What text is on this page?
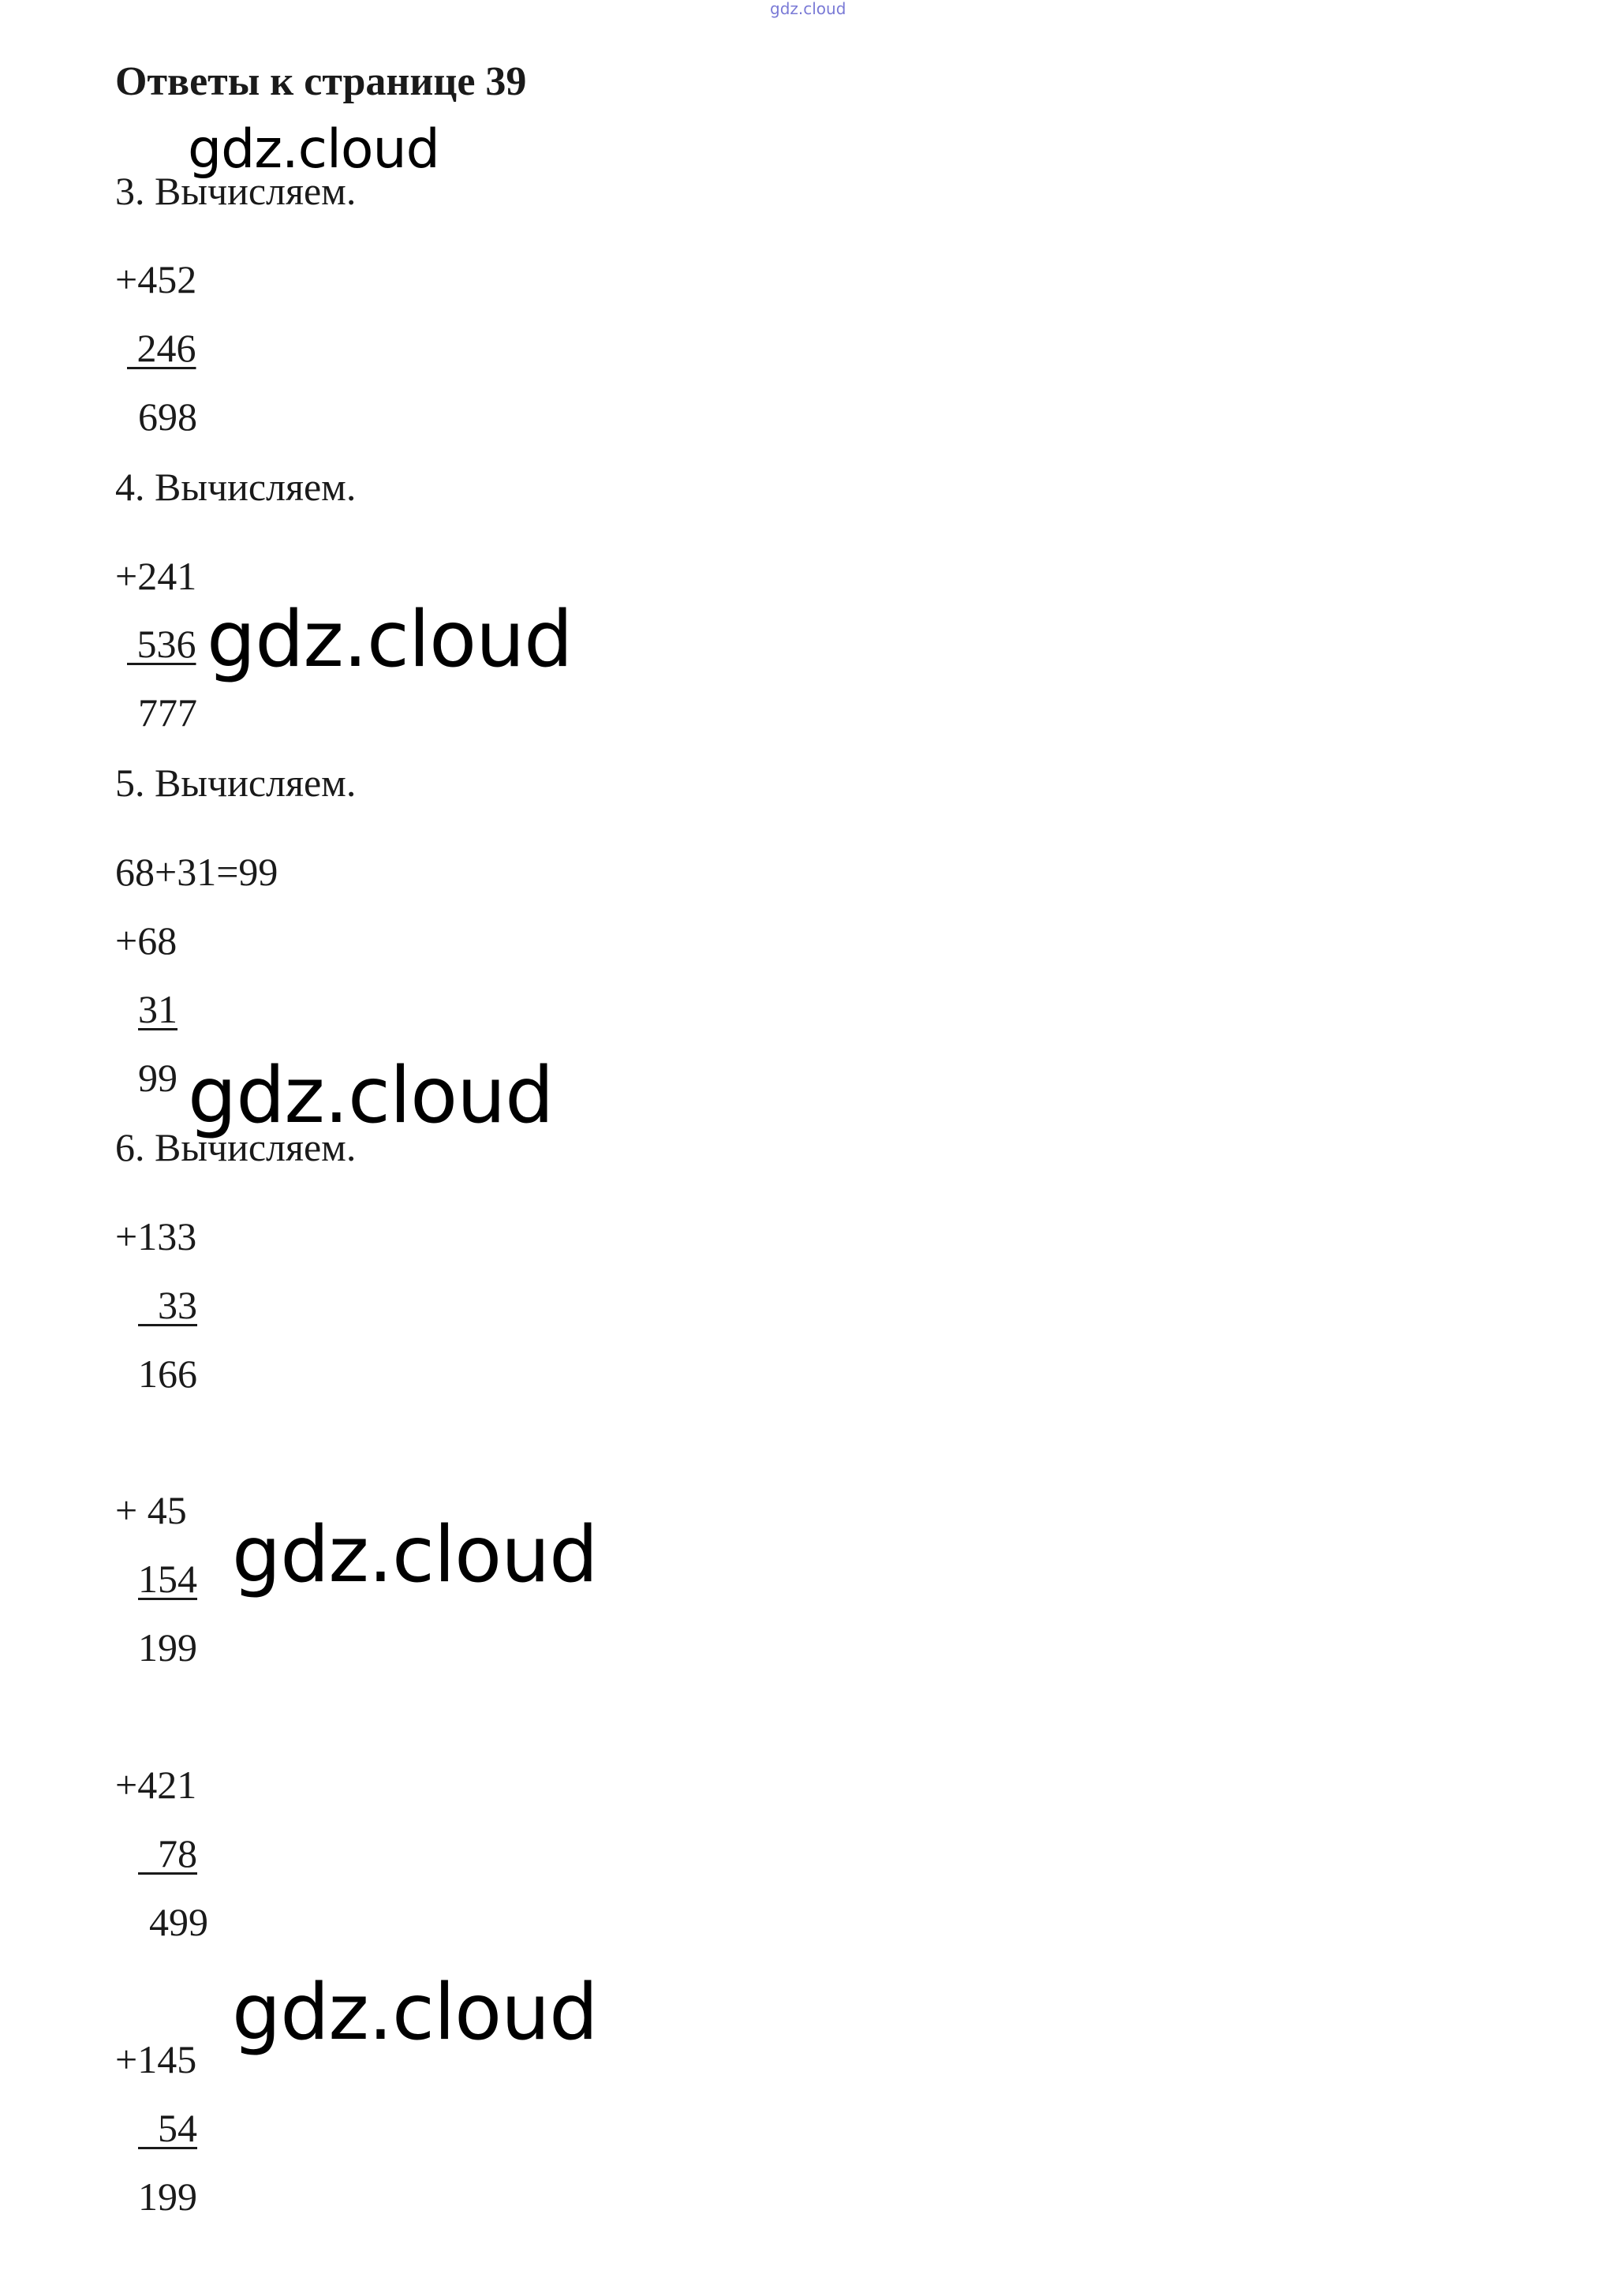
gdz.cloud
Ответы к странице 39
3. Вычисляем.
+452
246
698
4. Вычисляем.
+241
536
777
5. Вычисляем.
68+31=99
+68
31
99
6. Вычисляем.
+133
33
166
+ 45
154
199
+421
78
499
+145
54
199
gdz.cloud
gdz.cloud
gdz.cloud
gdz.cloud
gdz.cloud
